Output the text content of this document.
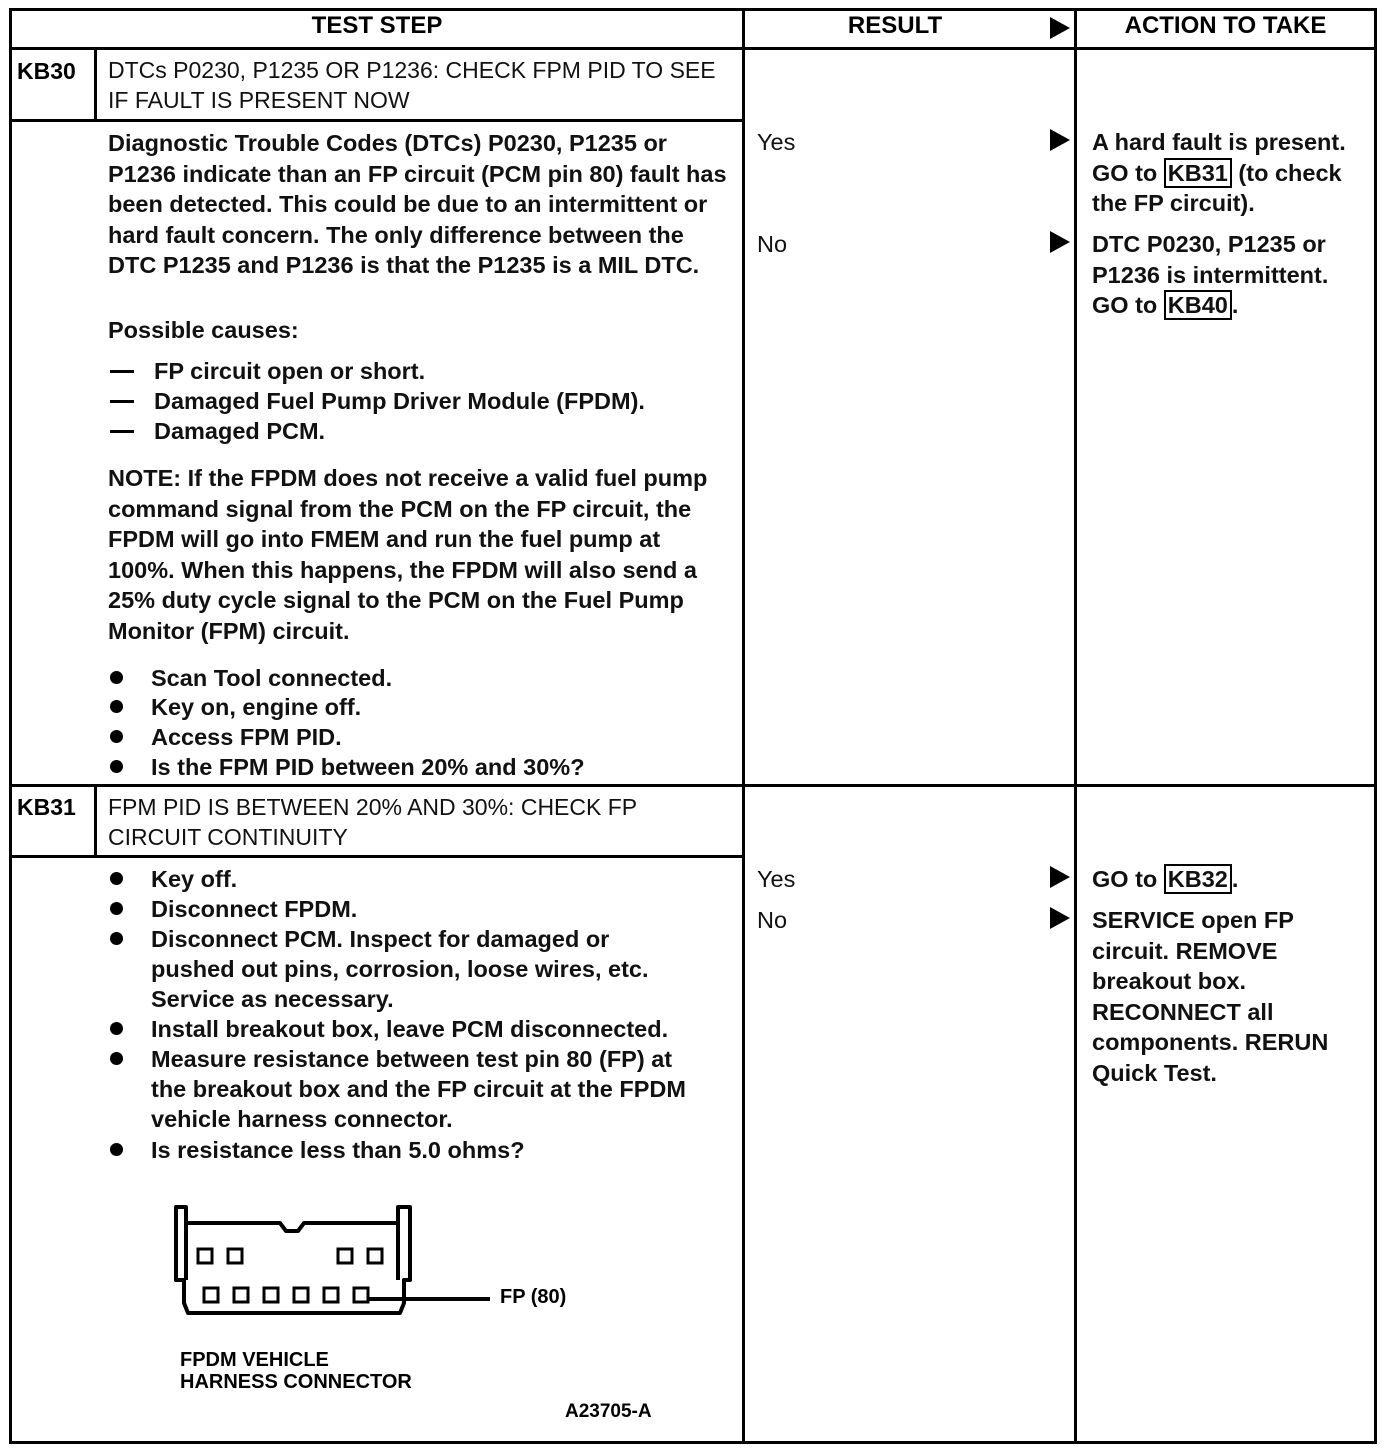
TEST STEP	RESULT	ACTION TO TAKE
KB30 DTCs P0230, P1235 OR P1236: CHECK FPM PID TO SEE IF FAULT IS PRESENT NOW
Diagnostic Trouble Codes (DTCs) P0230, P1235 or P1236 indicate than an FP circuit (PCM pin 80) fault has been detected. This could be due to an intermittent or hard fault concern. The only difference between the DTC P1235 and P1236 is that the P1235 is a MIL DTC.
Possible causes:
FP circuit open or short.
Damaged Fuel Pump Driver Module (FPDM).
Damaged PCM.
NOTE: If the FPDM does not receive a valid fuel pump command signal from the PCM on the FP circuit, the FPDM will go into FMEM and run the fuel pump at 100%. When this happens, the FPDM will also send a 25% duty cycle signal to the PCM on the Fuel Pump Monitor (FPM) circuit.
Scan Tool connected.
Key on, engine off.
Access FPM PID.
Is the FPM PID between 20% and 30%?
Yes	A hard fault is present. GO to KB31 (to check the FP circuit).
No	DTC P0230, P1235 or P1236 is intermittent. GO to KB40 .
KB31 FPM PID IS BETWEEN 20% AND 30%: CHECK FP CIRCUIT CONTINUITY
Key off.
Disconnect FPDM.
Disconnect PCM. Inspect for damaged or pushed out pins, corrosion, loose wires, etc. Service as necessary.
Install breakout box, leave PCM disconnected.
Measure resistance between test pin 80 (FP) at the breakout box and the FP circuit at the FPDM vehicle harness connector.
Is resistance less than 5.0 ohms?
FP (80)
FPDM VEHICLE
HARNESS CONNECTOR
A23705-A
Yes	GO to KB32 .
No	SERVICE open FP circuit. REMOVE breakout box. RECONNECT all components. RERUN Quick Test.
